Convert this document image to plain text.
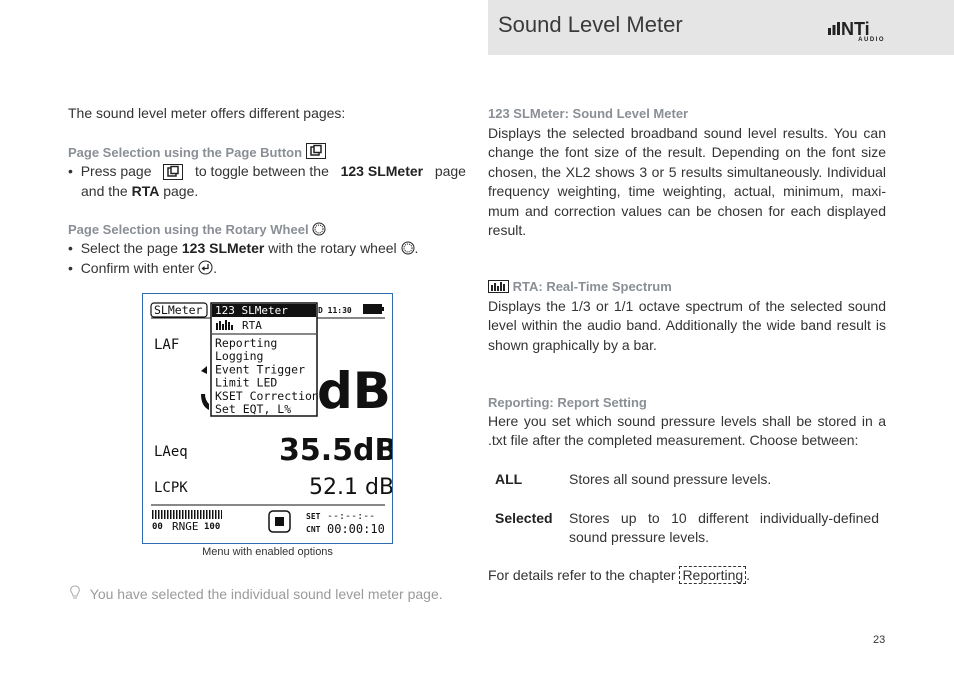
Sound Level Meter	NTi
AUDIO

The sound level meter offers different pages:

Page Selection using the Page Button

•  Press page	to toggle between the 123 SLMeter page
and the RTA page.

Page Selection using the Rotary Wheel

•  Select the page 123 SLMeter with the rotary wheel .
•  Confirm with enter .
SLMeter	D 11:30
LAF
dB
123 SLMeter
RTA
Reporting
Logging
Event Trigger
Limit LED
KSET Correction
Set EQT, L%
LAeq	35.5dB
LCPK	52.1 dB
00 RNGE 100
SET --:--:--
CNT 00:00:10
Menu with enabled options
You have selected the individual sound level meter page.

123 SLMeter: Sound Level Meter

Displays the selected broadband sound level results. You can
change the font size of the result. Depending on the font size
chosen, the XL2 shows 3 or 5 results simultaneously. Individual
frequency weighting, time weighting, actual, minimum, maxi-
mum and correction values can be chosen for each displayed
result.

RTA: Real-Time Spectrum

Displays the 1/3 or 1/1 octave spectrum of the selected sound
level within the audio band. Additionally the wide band result is
shown graphically by a bar.

Reporting: Report Setting

Here you set which sound pressure levels shall be stored in a
.txt file after the completed measurement. Choose between:
ALL	Stores all sound pressure levels.
Selected Stores up to 10 different individually-defined
sound pressure levels.
For details refer to the chapter Reporting .
23
